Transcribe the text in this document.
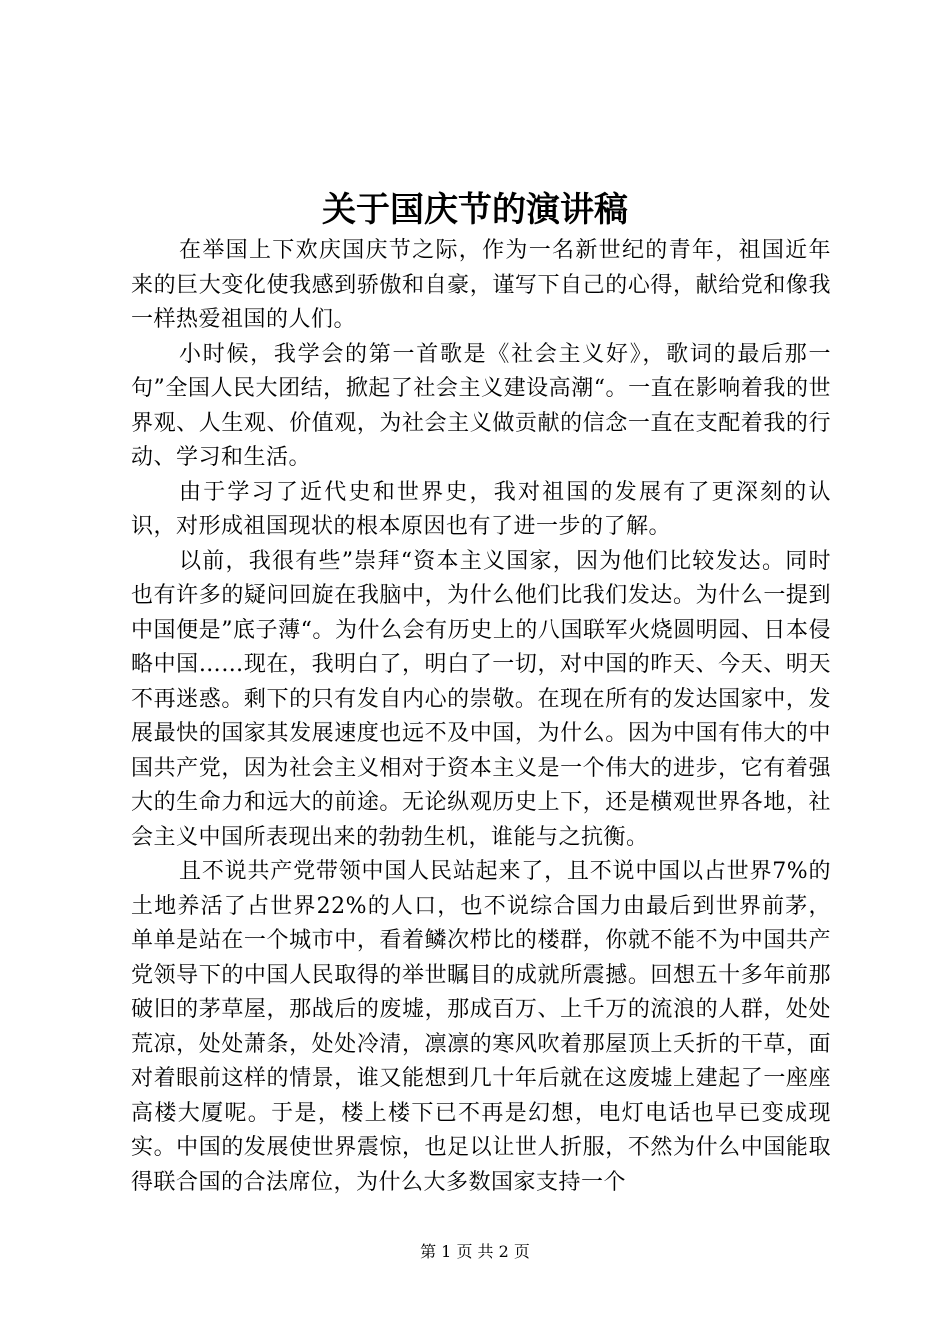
关于国庆节的演讲稿

在举国上下欢庆国庆节之际，作为一名新世纪的青年，祖国近年来的巨大变化使我感到骄傲和自豪，谨写下自己的心得，献给党和像我一样热爱祖国的人们。

小时候，我学会的第一首歌是《社会主义好》，歌词的最后那一句”全国人民大团结，掀起了社会主义建设高潮“。一直在影响着我的世界观、人生观、价值观，为社会主义做贡献的信念一直在支配着我的行动、学习和生活。

由于学习了近代史和世界史，我对祖国的发展有了更深刻的认识，对形成祖国现状的根本原因也有了进一步的了解。

以前，我很有些”崇拜“资本主义国家，因为他们比较发达。同时也有许多的疑问回旋在我脑中，为什么他们比我们发达。为什么一提到中国便是”底子薄“。为什么会有历史上的八国联军火烧圆明园、日本侵略中国……现在，我明白了，明白了一切，对中国的昨天、今天、明天不再迷惑。剩下的只有发自内心的崇敬。在现在所有的发达国家中，发展最快的国家其发展速度也远不及中国，为什么。因为中国有伟大的中国共产党，因为社会主义相对于资本主义是一个伟大的进步，它有着强大的生命力和远大的前途。无论纵观历史上下，还是横观世界各地，社会主义中国所表现出来的勃勃生机，谁能与之抗衡。

且不说共产党带领中国人民站起来了，且不说中国以占世界7%的土地养活了占世界22%的人口，也不说综合国力由最后到世界前茅，单单是站在一个城市中，看着鳞次栉比的楼群，你就不能不为中国共产党领导下的中国人民取得的举世瞩目的成就所震撼。回想五十多年前那破旧的茅草屋，那战后的废墟，那成百万、上千万的流浪的人群，处处荒凉，处处萧条，处处冷清，凛凛的寒风吹着那屋顶上夭折的干草，面对着眼前这样的情景，谁又能想到几十年后就在这废墟上建起了一座座高楼大厦呢。于是，楼上楼下已不再是幻想，电灯电话也早已变成现实。中国的发展使世界震惊，也足以让世人折服，不然为什么中国能取得联合国的合法席位，为什么大多数国家支持一个

第 1 页 共 2 页
